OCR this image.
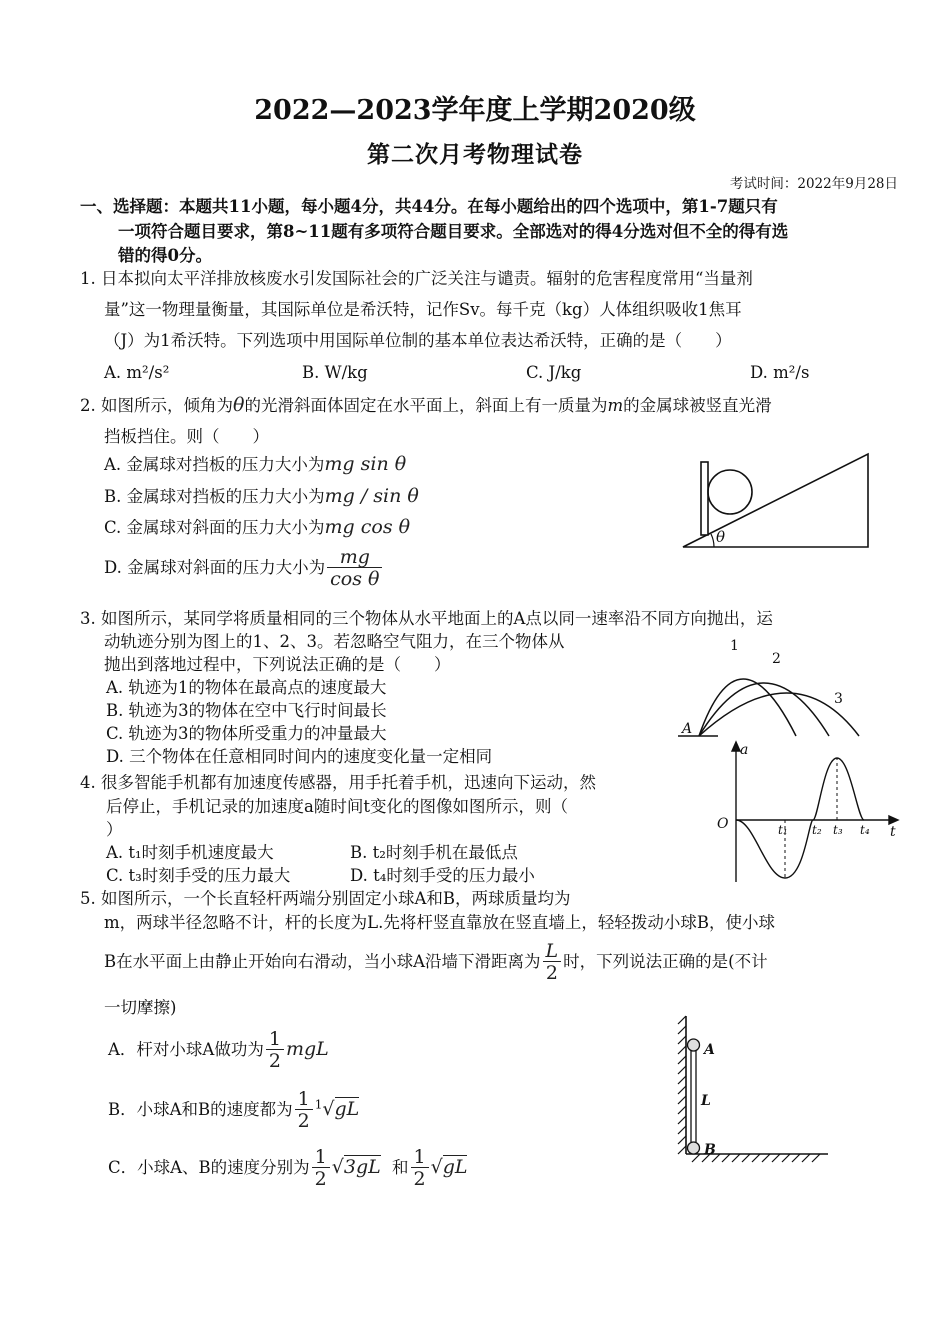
2022—2023学年度上学期2020级
第二次月考物理试卷
考试时间：2022年9月28日
一、选择题：本题共11小题，每小题4分，共44分。在每小题给出的四个选项中，第1-7题只有
一项符合题目要求，第8~11题有多项符合题目要求。全部选对的得4分选对但不全的得有选
错的得0分。
1. 日本拟向太平洋排放核废水引发国际社会的广泛关注与谴责。辐射的危害程度常用“当量剂
量”这一物理量衡量，其国际单位是希沃特，记作Sv。每千克（kg）人体组织吸收1焦耳
（J）为1希沃特。下列选项中用国际单位制的基本单位表达希沃特，正确的是（　　）
A. m²/s²	B. W/kg	C. J/kg	D. m²/s
2. 如图所示，倾角为θ的光滑斜面体固定在水平面上，斜面上有一质量为m的金属球被竖直光滑
挡板挡住。则（　　）
A. 金属球对挡板的压力大小为mg sin θ
B. 金属球对挡板的压力大小为mg / sin θ
C. 金属球对斜面的压力大小为mg cos θ
D. 金属球对斜面的压力大小为 $\frac{mg}{\text{cos θ}}$
θ
3. 如图所示，某同学将质量相同的三个物体从水平地面上的A点以同一速率沿不同方向抛出，运
动轨迹分别为图上的1、2、3。若忽略空气阻力，在三个物体从
抛出到落地过程中，下列说法正确的是（　　）
A. 轨迹为1的物体在最高点的速度最大
B. 轨迹为3的物体在空中飞行时间最长
C. 轨迹为3的物体所受重力的冲量最大
D. 三个物体在任意相同时间内的速度变化量一定相同
1
2
3
A
4. 很多智能手机都有加速度传感器，用手托着手机，迅速向下运动，然
后停止，手机记录的加速度a随时间t变化的图像如图所示，则（
）
A. t₁时刻手机速度最大	B. t₂时刻手机在最低点
C. t₃时刻手受的压力最大	D. t₄时刻手受的压力最小
a
O	t
t₁ t₂ t₃ t₄
5. 如图所示，一个长直轻杆两端分别固定小球A和B，两球质量均为
m，两球半径忽略不计，杆的长度为L.先将杆竖直靠放在竖直墙上，轻轻拨动小球B，使小球
B在水平面上由静止开始向右滑动，当小球A沿墙下滑距离为 $\frac{L}{2}$ 时，下列说法正确的是(不计
一切摩擦)
A．杆对小球A做功为 $\frac{1}{2}$ mgL
B．小球A和B的速度都为 $\frac{1}{2} ^1√gL$
C．小球A、B的速度分别为 $\frac{1}{2} √3gL$ 和 $\frac{1}{2} √gL$
A
L
B
